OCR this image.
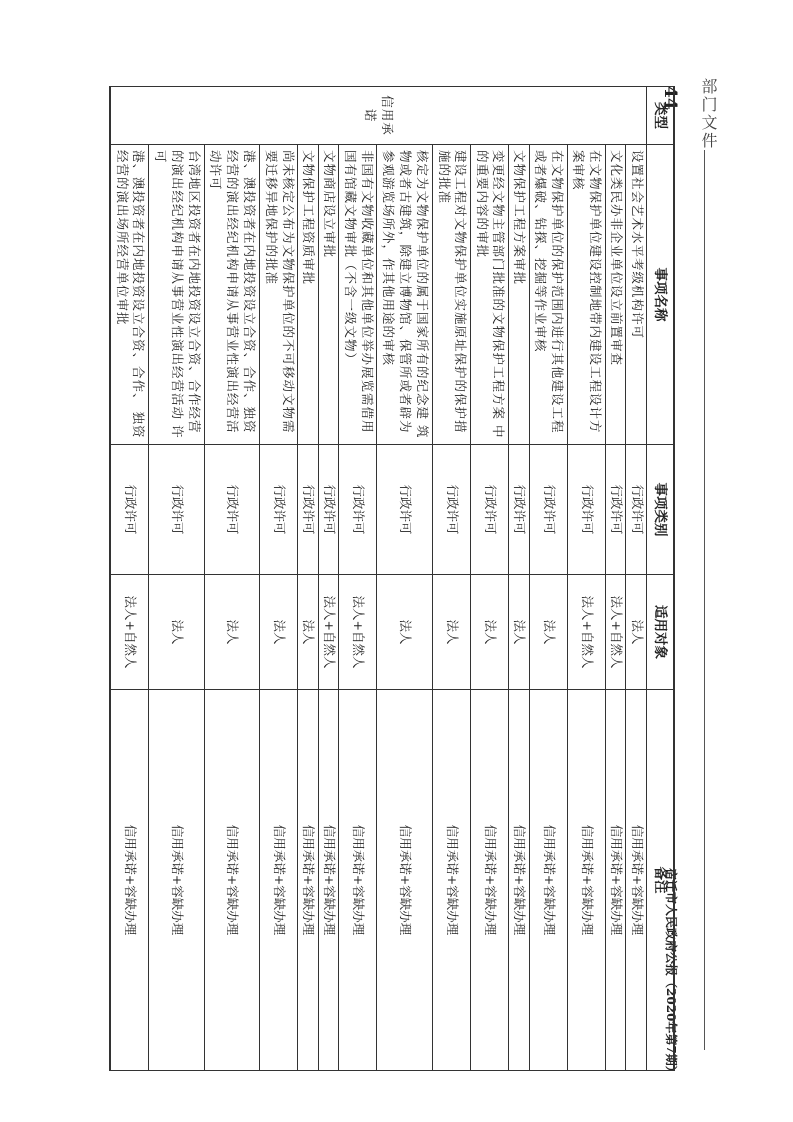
部门文件
44
宿迁市人民政府公报（2020年第7期）
类型	事项名称	事项类别	适用对象	备注
信用承诺	设置社会艺术水平考级机构许可	行政许可	法人	信用承诺+容缺办理
	文化类民办非企业单位设立前置审查	行政许可	法人+自然人	信用承诺+容缺办理
	在文物保护单位建设控制地带内建设工程设计方案审核	行政许可	法人+自然人	信用承诺+容缺办理
	在文物保护单位的保护范围内进行其他建设工程或者爆破、钻探、挖掘等作业审核	行政许可	法人	信用承诺+容缺办理
	文物保护工程方案审批	行政许可	法人	信用承诺+容缺办理
	变更经文物主管部门批准的文物保护工程方案 中的重要内容的审批	行政许可	法人	信用承诺+容缺办理
	建设工程对文物保护单位实施原址保护的保护措施的批准	行政许可	法人	信用承诺+容缺办理
	核定为文物保护单位的属于国家所有的纪念建 筑物或者古建筑，除建立博物馆、保管所或者辟为参观游览场所外，作其他用途的审核	行政许可	法人	信用承诺+容缺办理
	非国有文物收藏单位和其他单位举办展览需借用国有馆藏文物审批（不含一级文物）	行政许可	法人+自然人	信用承诺+容缺办理
	文物商店设立审批	行政许可	法人+自然人	信用承诺+容缺办理
	文物保护工程资质审批	行政许可	法人	信用承诺+容缺办理
	尚未核定公布为文物保护单位的不可移动文物需要迁移异地保护的批准	行政许可	法人	信用承诺+容缺办理
	港、澳投资者在内地投资设立合资、合作、独资经营的演出经纪机构申请从事营业性演出经营活动许可	行政许可	法人	信用承诺+容缺办理
	台湾地区投资者在内地投资设立合资、合作经营 的演出经纪机构申请从事营业性演出经营活动 许可	行政许可	法人	信用承诺+容缺办理
	港、澳投资者在内地投资设立合资、合作、 独资经营的演出场所经营单位审批	行政许可	法人+自然人	信用承诺+容缺办理
